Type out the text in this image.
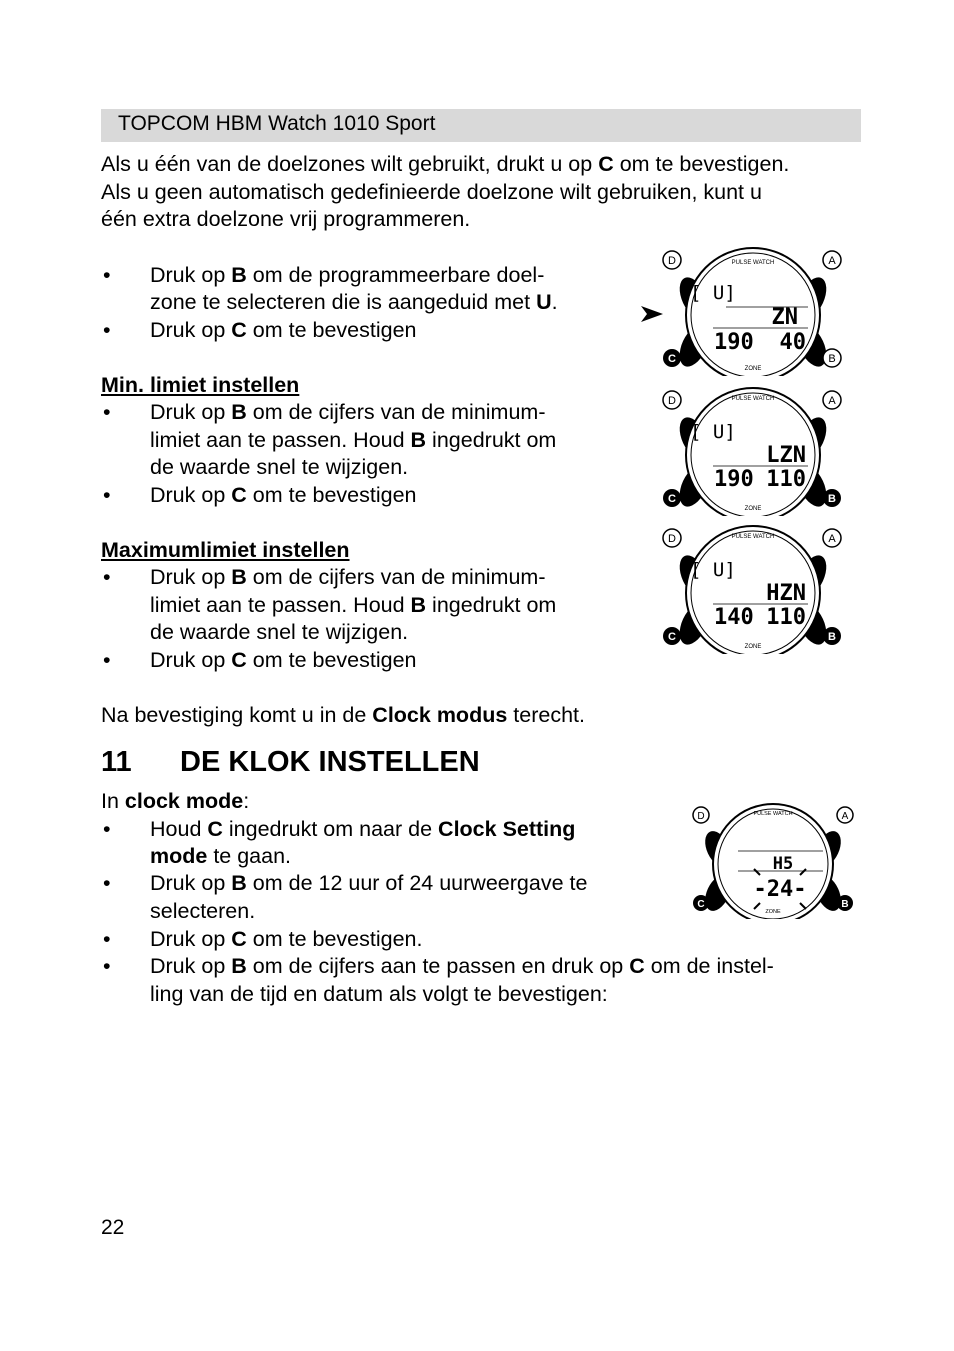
TOPCOM HBM Watch 1010 Sport
Als u één van de doelzones wilt gebruikt, drukt u op C om te bevestigen.
Als u geen automatisch gedefinieerde doelzone wilt gebruiken, kunt u
één extra doelzone vrij programmeren.
• Druk op B om de programmeerbare doel-
zone te selecteren die is aangeduid met U.
• Druk op C om te bevestigen
Min. limiet instellen
• Druk op B om de cijfers van de minimum-
limiet aan te passen. Houd B ingedrukt om
de waarde snel te wijzigen.
• Druk op C om te bevestigen
Maximumlimiet instellen
• Druk op B om de cijfers van de minimum-
limiet aan te passen. Houd B ingedrukt om
de waarde snel te wijzigen.
• Druk op C om te bevestigen
Na bevestiging komt u in de Clock modus terecht.
11 DE KLOK INSTELLEN
In clock mode:
• Houd C ingedrukt om naar de Clock Setting
mode te gaan.
• Druk op B om de 12 uur of 24 uurweergave te
selecteren.
• Druk op C om te bevestigen.
• Druk op B om de cijfers aan te passen en druk op C om de instel-
ling van de tijd en datum als volgt te bevestigen:
D	A
C	B
PULSE WATCH
ZONE
[ U]
ZN
190 40
D	A
C	B
PULSE WATCH
ZONE
[ U]
LZN
190 110
D	A
C	B
PULSE WATCH
ZONE
[ U]
HZN
140 110
D	A
C	B
PULSE WATCH
ZONE
H5
-24-
22
